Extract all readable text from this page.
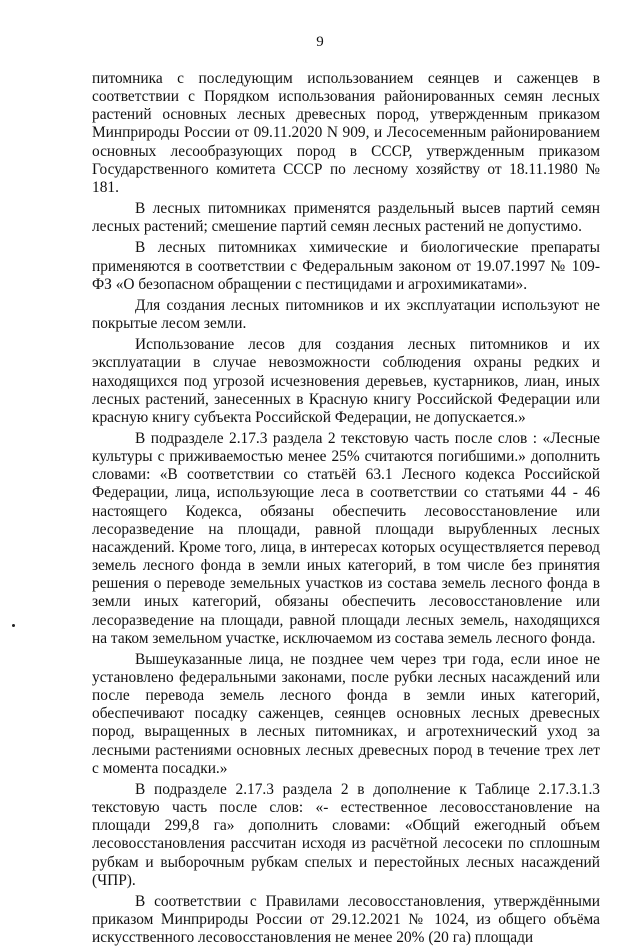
9

питомника с последующим использованием сеянцев и саженцев в соответствии с Порядком использования районированных семян лесных растений основных лесных древесных пород, утвержденным приказом Минприроды России от 09.11.2020 N 909, и Лесосеменным районированием основных лесообразующих пород в СССР, утвержденным приказом Государственного комитета СССР по лесному хозяйству от 18.11.1980 № 181.

В лесных питомниках применятся раздельный высев партий семян лесных растений; смешение партий семян лесных растений не допустимо.

В лесных питомниках химические и биологические препараты применяются в соответствии с Федеральным законом от 19.07.1997 № 109-ФЗ «О безопасном обращении с пестицидами и агрохимикатами».

Для создания лесных питомников и их эксплуатации используют не покрытые лесом земли.

Использование лесов для создания лесных питомников и их эксплуатации в случае невозможности соблюдения охраны редких и находящихся под угрозой исчезновения деревьев, кустарников, лиан, иных лесных растений, занесенных в Красную книгу Российской Федерации или красную книгу субъекта Российской Федерации, не допускается.»

В подразделе 2.17.3 раздела 2 текстовую часть после слов : «Лесные культуры с приживаемостью менее 25% считаются погибшими.» дополнить словами: «В соответствии со статьёй 63.1 Лесного кодекса Российской Федерации, лица, использующие леса в соответствии со статьями 44 - 46 настоящего Кодекса, обязаны обеспечить лесовосстановление или лесоразведение на площади, равной площади вырубленных лесных насаждений. Кроме того, лица, в интересах которых осуществляется перевод земель лесного фонда в земли иных категорий, в том числе без принятия решения о переводе земельных участков из состава земель лесного фонда в земли иных категорий, обязаны обеспечить лесовосстановление или лесоразведение на площади, равной площади лесных земель, находящихся на таком земельном участке, исключаемом из состава земель лесного фонда.

Вышеуказанные лица, не позднее чем через три года, если иное не установлено федеральными законами, после рубки лесных насаждений или после перевода земель лесного фонда в земли иных категорий, обеспечивают посадку саженцев, сеянцев основных лесных древесных пород, выращенных в лесных питомниках, и агротехнический уход за лесными растениями основных лесных древесных пород в течение трех лет с момента посадки.»

В подразделе 2.17.3 раздела 2 в дополнение к Таблице 2.17.3.1.3 текстовую часть после слов: «- естественное лесовосстановление на площади 299,8 га» дополнить словами: «Общий ежегодный объем лесовосстановления рассчитан исходя из расчётной лесосеки по сплошным рубкам и выборочным рубкам спелых и перестойных лесных насаждений (ЧПР).

В соответствии с Правилами лесовосстановления, утверждёнными приказом Минприроды России от 29.12.2021 № 1024, из общего объёма искусственного лесовосстановления не менее 20% (20 га) площади
